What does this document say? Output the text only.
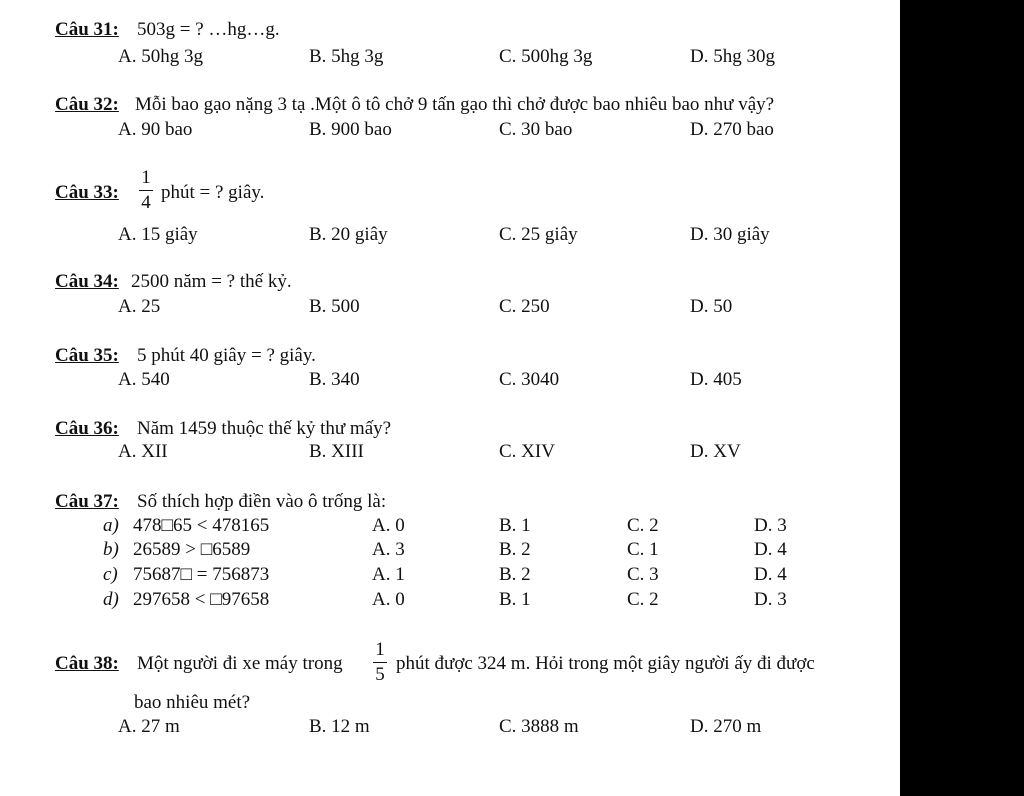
Câu 31: 503g = ? …hg…g.
A. 50hg 3g	B. 5hg 3g	C. 500hg 3g	D. 5hg 30g
Câu 32: Mỗi bao gạo nặng 3 tạ .Một ô tô chở 9 tấn gạo thì chở được bao nhiêu bao như vậy?
A. 90 bao	B. 900 bao	C. 30 bao	D. 270 bao
Câu 33:
1
4 phút = ? giây.
A. 15 giây	B. 20 giây	C. 25 giây	D. 30 giây
Câu 34: 2500 năm = ? thế kỷ.
A. 25	B. 500	C. 250	D. 50
Câu 35: 5 phút 40 giây = ? giây.
A. 540	B. 340	C. 3040	D. 405
Câu 36: Năm 1459 thuộc thế kỷ thư mấy?
A. XII	B. XIII	C. XIV	D. XV
Câu 37: Số thích hợp điền vào ô trống là:
a) 478□65 < 478165	A. 0	B. 1	C. 2	D. 3
b) 26589 > □6589	A. 3	B. 2	C. 1	D. 4
c) 75687□ = 756873	A. 1	B. 2	C. 3	D. 4
d) 297658 < □97658	A. 0	B. 1	C. 2	D. 3
Câu 38: Một người đi xe máy trong
1
5
phút được 324 m. Hỏi trong một giây người ấy đi được
bao nhiêu mét?
A. 27 m	B. 12 m	C. 3888 m	D. 270 m
